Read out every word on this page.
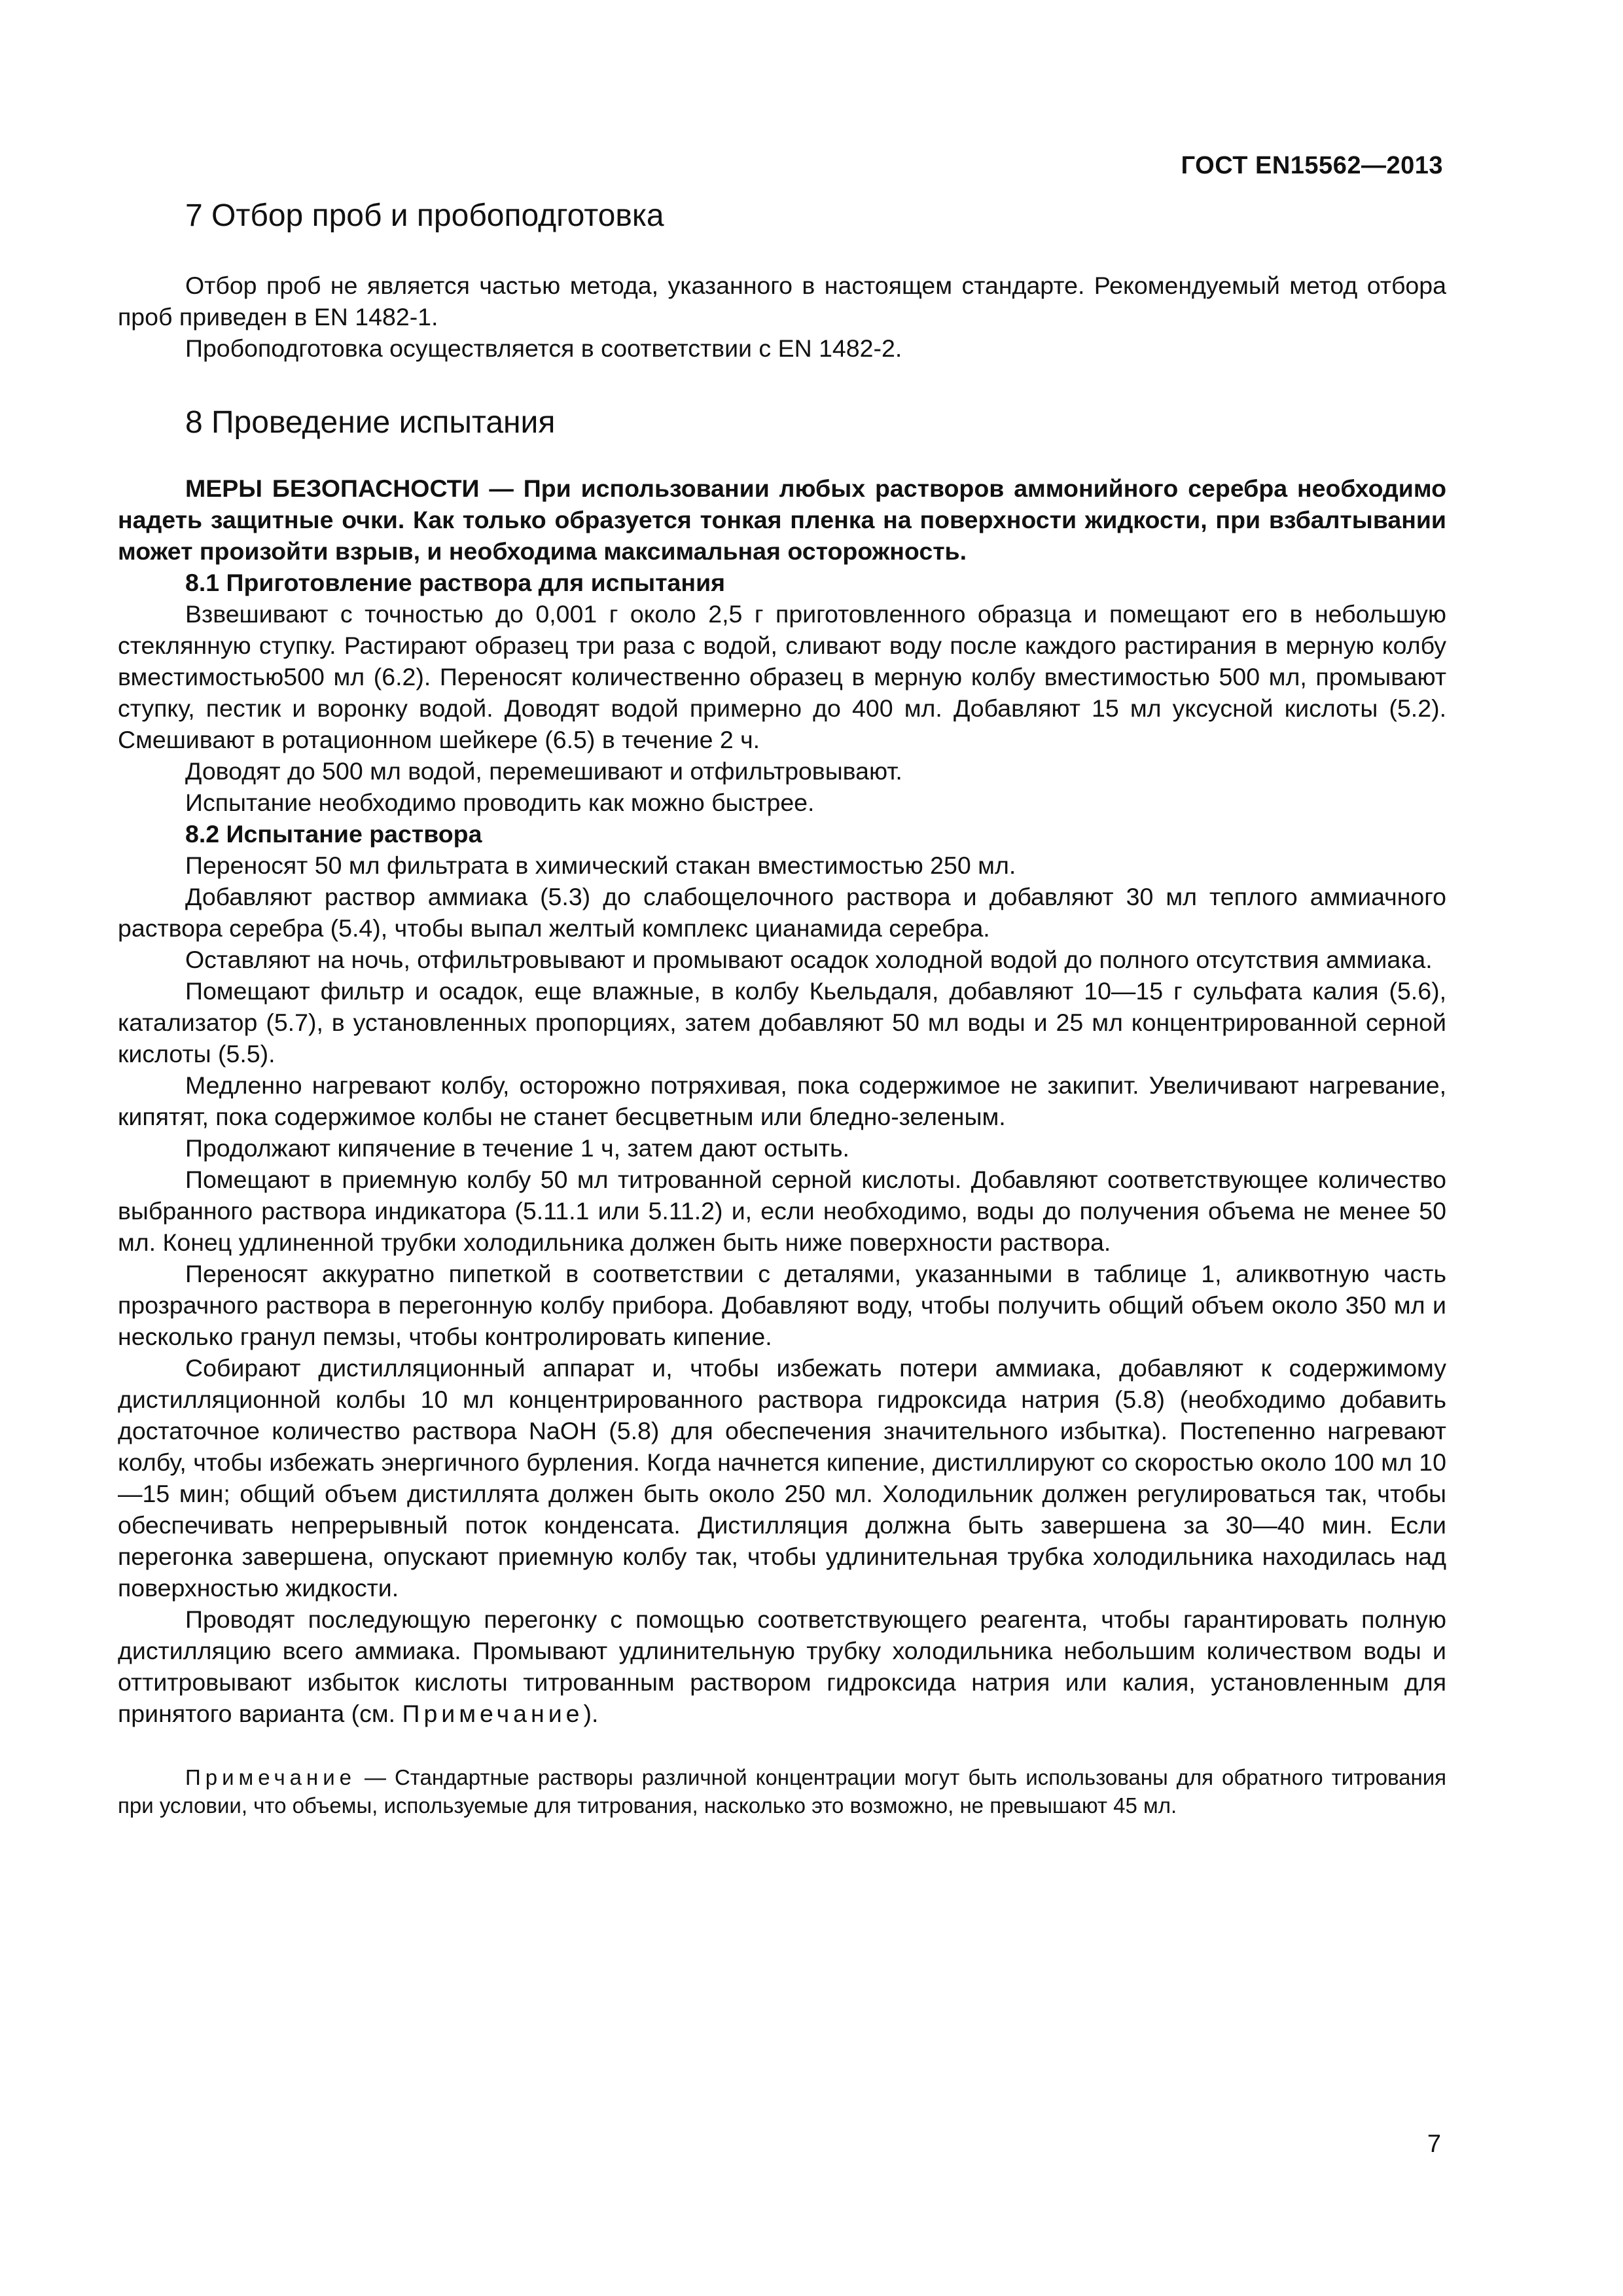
ГОСТ EN15562—2013
7 Отбор проб и пробоподготовка

Отбор проб не является частью метода, указанного в настоящем стандарте. Рекомендуемый метод отбора проб приведен в EN 1482-1.

Пробоподготовка осуществляется в соответствии с EN 1482-2.

8 Проведение испытания

МЕРЫ БЕЗОПАСНОСТИ — При использовании любых растворов аммонийного серебра необходимо надеть защитные очки. Как только образуется тонкая пленка на поверхности жидкости, при взбалтывании может произойти взрыв, и необходима максимальная осторожность.

8.1 Приготовление раствора для испытания

Взвешивают с точностью до 0,001 г около 2,5 г приготовленного образца и помещают его в небольшую стеклянную ступку. Растирают образец три раза с водой, сливают воду после каждого растирания в мерную колбу вместимостью500 мл (6.2). Переносят количественно образец в мерную колбу вместимостью 500 мл, промывают ступку, пестик и воронку водой. Доводят водой примерно до 400 мл. Добавляют 15 мл уксусной кислоты (5.2). Смешивают в ротационном шейкере (6.5) в течение 2 ч.

Доводят до 500 мл водой, перемешивают и отфильтровывают.

Испытание необходимо проводить как можно быстрее.

8.2 Испытание раствора

Переносят 50 мл фильтрата в химический стакан вместимостью 250 мл.

Добавляют раствор аммиака (5.3) до слабощелочного раствора и добавляют 30 мл теплого аммиачного раствора серебра (5.4), чтобы выпал желтый комплекс цианамида серебра.

Оставляют на ночь, отфильтровывают и промывают осадок холодной водой до полного отсутствия аммиака.

Помещают фильтр и осадок, еще влажные, в колбу Кьельдаля, добавляют 10—15 г сульфата калия (5.6), катализатор (5.7), в установленных пропорциях, затем добавляют 50 мл воды и 25 мл концентрированной серной кислоты (5.5).

Медленно нагревают колбу, осторожно потряхивая, пока содержимое не закипит. Увеличивают нагревание, кипятят, пока содержимое колбы не станет бесцветным или бледно-зеленым.

Продолжают кипячение в течение 1 ч, затем дают остыть.

Помещают в приемную колбу 50 мл титрованной серной кислоты. Добавляют соответствующее количество выбранного раствора индикатора (5.11.1 или 5.11.2) и, если необходимо, воды до получения объема не менее 50 мл. Конец удлиненной трубки холодильника должен быть ниже поверхности раствора.

Переносят аккуратно пипеткой в соответствии с деталями, указанными в таблице 1, аликвотную часть прозрачного раствора в перегонную колбу прибора. Добавляют воду, чтобы получить общий объем около 350 мл и несколько гранул пемзы, чтобы контролировать кипение.

Собирают дистилляционный аппарат и, чтобы избежать потери аммиака, добавляют к содержимому дистилляционной колбы 10 мл концентрированного раствора гидроксида натрия (5.8) (необходимо добавить достаточное количество раствора NaOH (5.8) для обеспечения значительного избытка). Постепенно нагревают колбу, чтобы избежать энергичного бурления. Когда начнется кипение, дистиллируют со скоростью около 100 мл 10—15 мин; общий объем дистиллята должен быть около 250 мл. Холодильник должен регулироваться так, чтобы обеспечивать непрерывный поток конденсата. Дистилляция должна быть завершена за 30—40 мин. Если перегонка завершена, опускают приемную колбу так, чтобы удлинительная трубка холодильника находилась над поверхностью жидкости.

Проводят последующую перегонку с помощью соответствующего реагента, чтобы гарантировать полную дистилляцию всего аммиака. Промывают удлинительную трубку холодильника небольшим количеством воды и оттитровывают избыток кислоты титрованным раствором гидроксида натрия или калия, установленным для принятого варианта (см. Примечание).

Примечание — Стандартные растворы различной концентрации могут быть использованы для обратного титрования при условии, что объемы, используемые для титрования, насколько это возможно, не превышают 45 мл.

7
